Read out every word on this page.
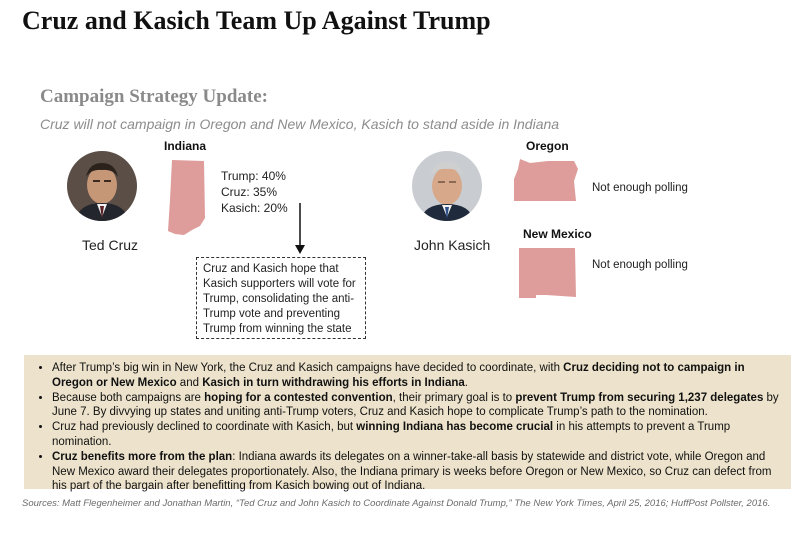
Cruz and Kasich Team Up Against Trump
Campaign Strategy Update:
Cruz will not campaign in Oregon and New Mexico, Kasich to stand aside in Indiana
Ted Cruz
Indiana
Trump: 40%
Cruz: 35%
Kasich: 20%
Cruz and Kasich hope that Kasich supporters will vote for Trump, consolidating the anti-Trump vote and preventing Trump from winning the state
John Kasich
Oregon
Not enough polling
New Mexico
Not enough polling
• After Trump’s big win in New York, the Cruz and Kasich campaigns have decided to coordinate, with Cruz deciding not to campaign in Oregon or New Mexico and Kasich in turn withdrawing his efforts in Indiana.
• Because both campaigns are hoping for a contested convention, their primary goal is to prevent Trump from securing 1,237 delegates by June 7. By divvying up states and uniting anti-Trump voters, Cruz and Kasich hope to complicate Trump’s path to the nomination.
• Cruz had previously declined to coordinate with Kasich, but winning Indiana has become crucial in his attempts to prevent a Trump nomination.
• Cruz benefits more from the plan: Indiana awards its delegates on a winner-take-all basis by statewide and district vote, while Oregon and New Mexico award their delegates proportionately. Also, the Indiana primary is weeks before Oregon or New Mexico, so Cruz can defect from his part of the bargain after benefitting from Kasich bowing out of Indiana.
Sources: Matt Flegenheimer and Jonathan Martin, “Ted Cruz and John Kasich to Coordinate Against Donald Trump,” The New York Times, April 25, 2016; HuffPost Pollster, 2016.
